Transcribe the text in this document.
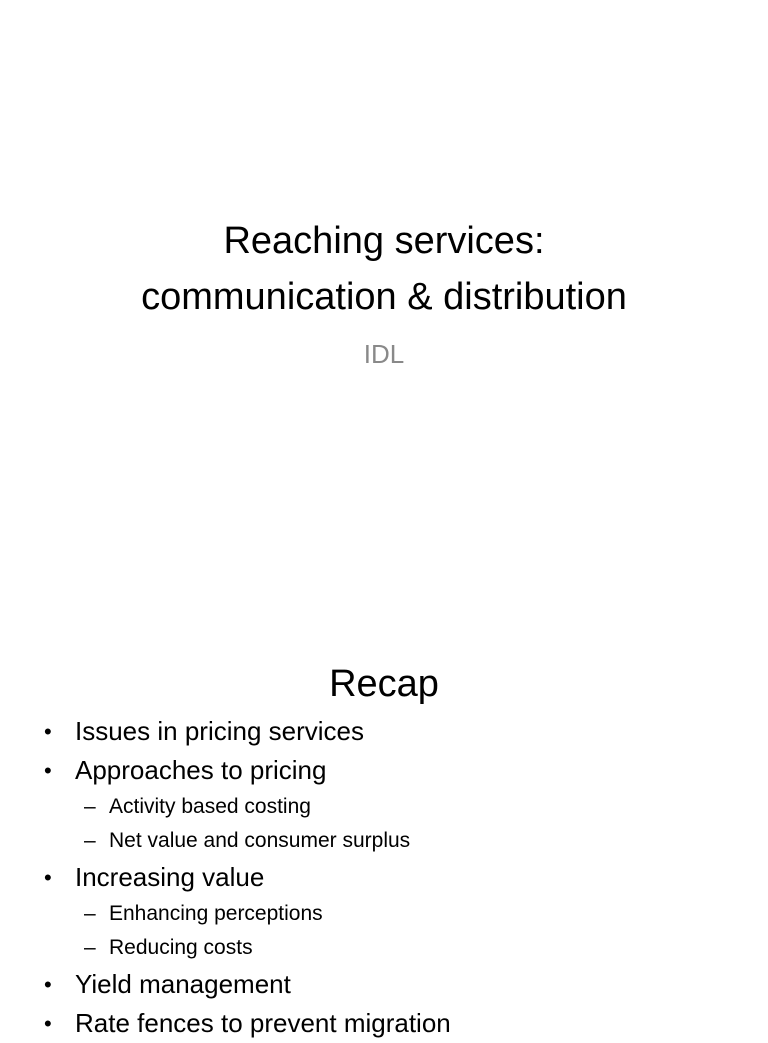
Reaching services:
communication & distribution
IDL
Recap
• Issues in pricing services
• Approaches to pricing
– Activity based costing
– Net value and consumer surplus
• Increasing value
– Enhancing perceptions
– Reducing costs
• Yield management
• Rate fences to prevent migration
